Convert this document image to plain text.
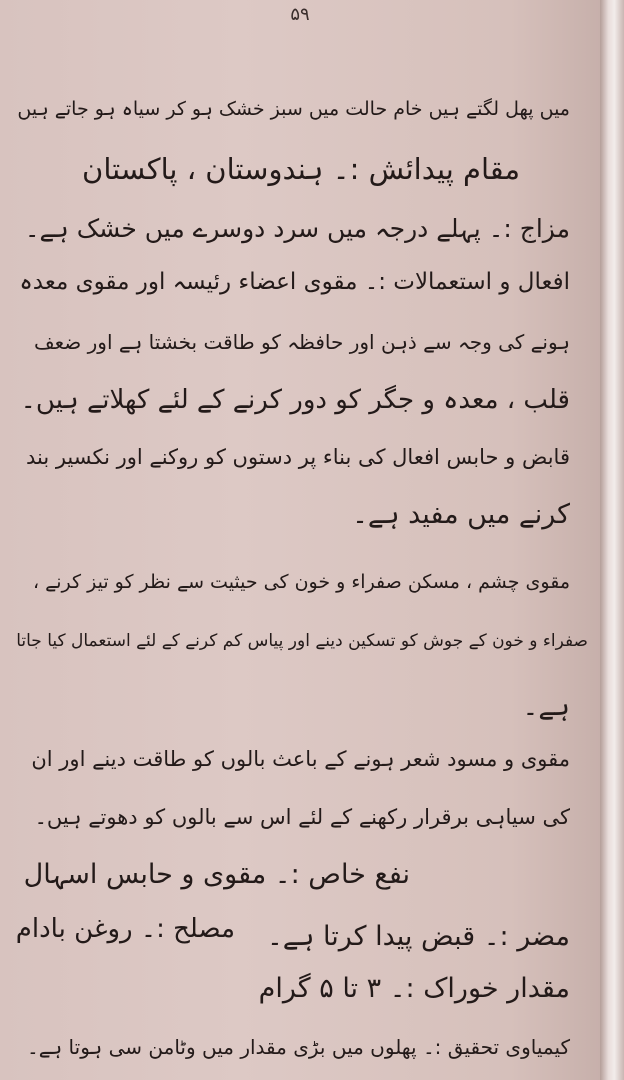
۵۹
میں پھل لگتے ہیں خام حالت میں سبز خشک ہو کر سیاہ ہو جاتے ہیں
مقام پیدائش :۔ ہندوستان ، پاکستان
مزاج :۔ پہلے درجہ میں سرد دوسرے میں خشک ہے۔
افعال و استعمالات :۔ مقوی اعضاء رئیسہ اور مقوی معدہ
ہونے کی وجہ سے ذہن اور حافظہ کو طاقت بخشتا ہے اور ضعف
قلب ، معدہ و جگر کو دور کرنے کے لئے کھلاتے ہیں۔
قابض و حابس افعال کی بناء پر دستوں کو روکنے اور نکسیر بند
کرنے میں مفید ہے۔
مقوی چشم ، مسکن صفراء و خون کی حیثیت سے نظر کو تیز کرنے ،
صفراء و خون کے جوش کو تسکین دینے اور پیاس کم کرنے کے لئے استعمال کیا جاتا
ہے۔
مقوی و مسود شعر ہونے کے باعث بالوں کو طاقت دینے اور ان
کی سیاہی برقرار رکھنے کے لئے اس سے بالوں کو دھوتے ہیں۔
نفع خاص :۔ مقوی و حابس اسہال
مضر :۔ قبض پیدا کرتا ہے۔
مصلح :۔ روغن بادام
مقدار خوراک :۔ ۳ تا ۵ گرام
کیمیاوی تحقیق :۔ پھلوں میں بڑی مقدار میں وٹامن سی ہوتا ہے۔
